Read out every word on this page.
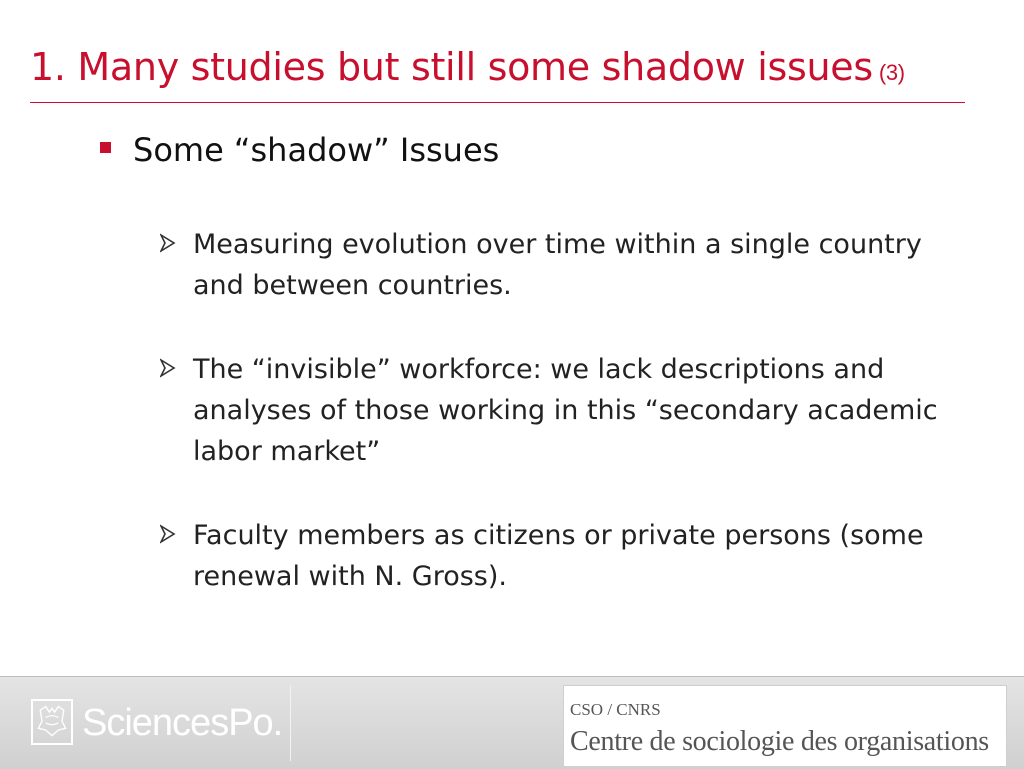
1. Many studies but still some shadow issues (3)
Some “shadow” Issues
Measuring evolution over time within a single country and between countries.
The “invisible” workforce: we lack descriptions and analyses of those working in this “secondary academic labor market”
Faculty members as citizens or private persons (some renewal with N. Gross).
SciencesPo.	CSO / CNRS
Centre de sociologie des organisations
